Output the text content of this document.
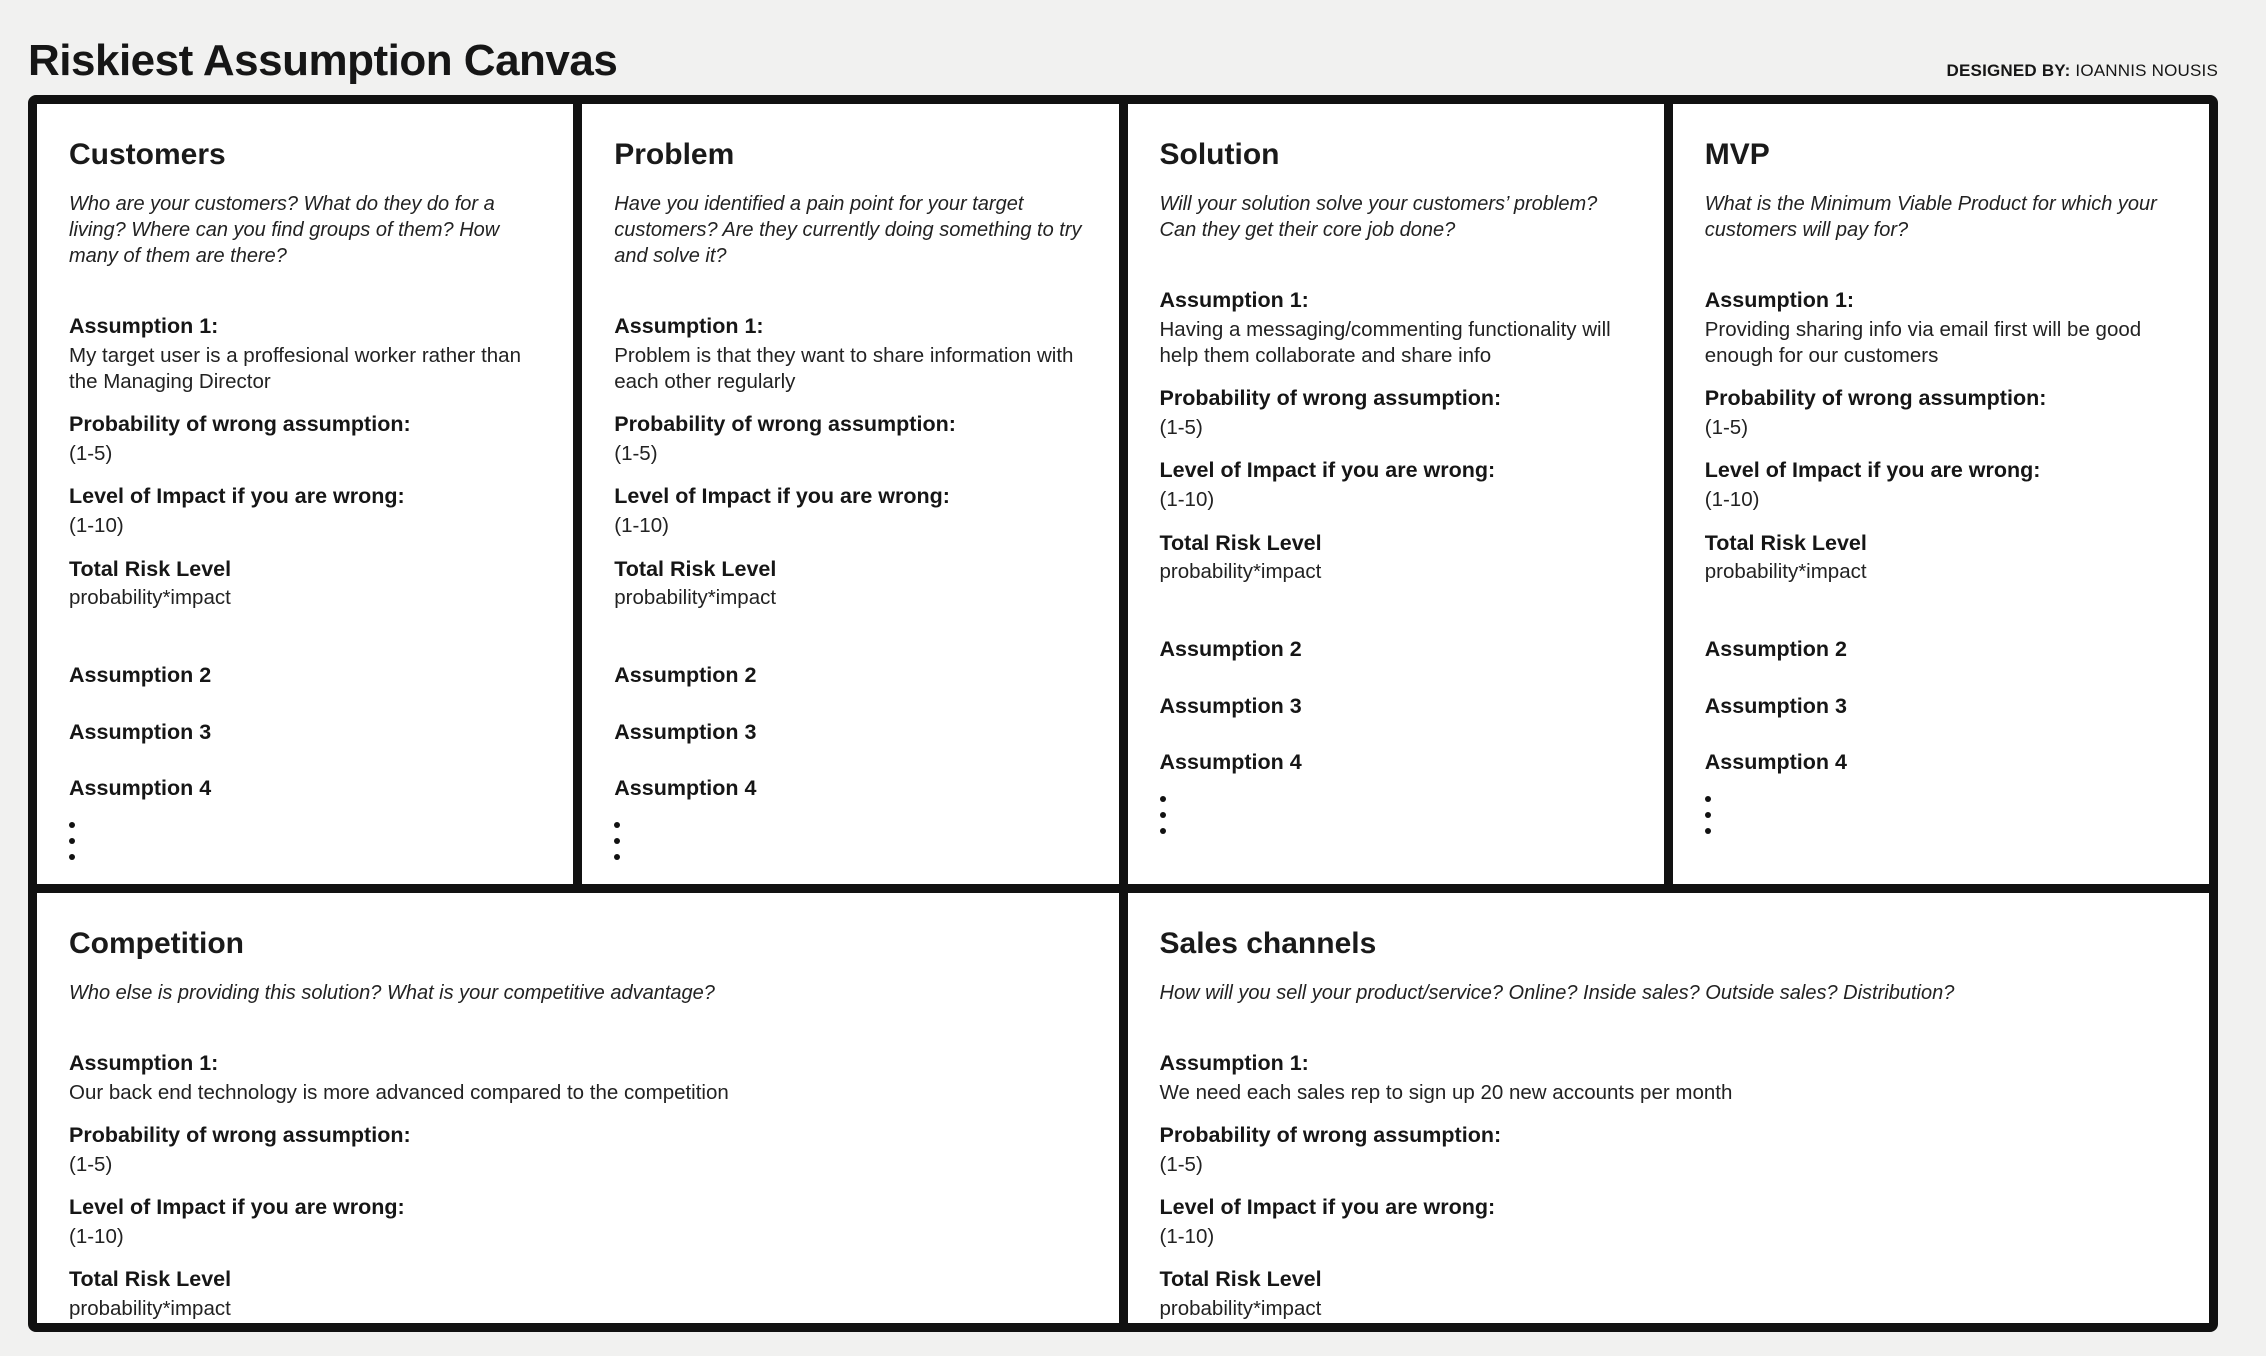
Riskiest Assumption Canvas	DESIGNED BY: IOANNIS NOUSIS
Customers

Who are your customers? What do they do for a living? Where can you find groups of them? How many of them are there?

Assumption 1:

My target user is a proffesional worker rather than the Managing Director

Probability of wrong assumption:

(1-5)

Level of Impact if you are wrong:

(1-10)

Total Risk Level

probability*impact

Assumption 2

Assumption 3

Assumption 4

Problem

Have you identified a pain point for your target customers? Are they currently doing something to try and solve it?

Assumption 1:

Problem is that they want to share information with each other regularly

Probability of wrong assumption:

(1-5)

Level of Impact if you are wrong:

(1-10)

Total Risk Level

probability*impact

Assumption 2

Assumption 3

Assumption 4

Solution

Will your solution solve your customers’ problem? Can they get their core job done?

Assumption 1:

Having a messaging/commenting functionality will help them collaborate and share info

Probability of wrong assumption:

(1-5)

Level of Impact if you are wrong:

(1-10)

Total Risk Level

probability*impact

Assumption 2

Assumption 3

Assumption 4

MVP

What is the Minimum Viable Product for which your customers will pay for?

Assumption 1:

Providing sharing info via email first will be good enough for our customers

Probability of wrong assumption:

(1-5)

Level of Impact if you are wrong:

(1-10)

Total Risk Level

probability*impact

Assumption 2

Assumption 3

Assumption 4

Competition

Who else is providing this solution? What is your competitive advantage?

Assumption 1:

Our back end technology is more advanced compared to the competition

Probability of wrong assumption:

(1-5)

Level of Impact if you are wrong:

(1-10)

Total Risk Level

probability*impact

Sales channels

How will you sell your product/service? Online? Inside sales? Outside sales? Distribution?

Assumption 1:

We need each sales rep to sign up 20 new accounts per month

Probability of wrong assumption:

(1-5)

Level of Impact if you are wrong:

(1-10)

Total Risk Level

probability*impact
